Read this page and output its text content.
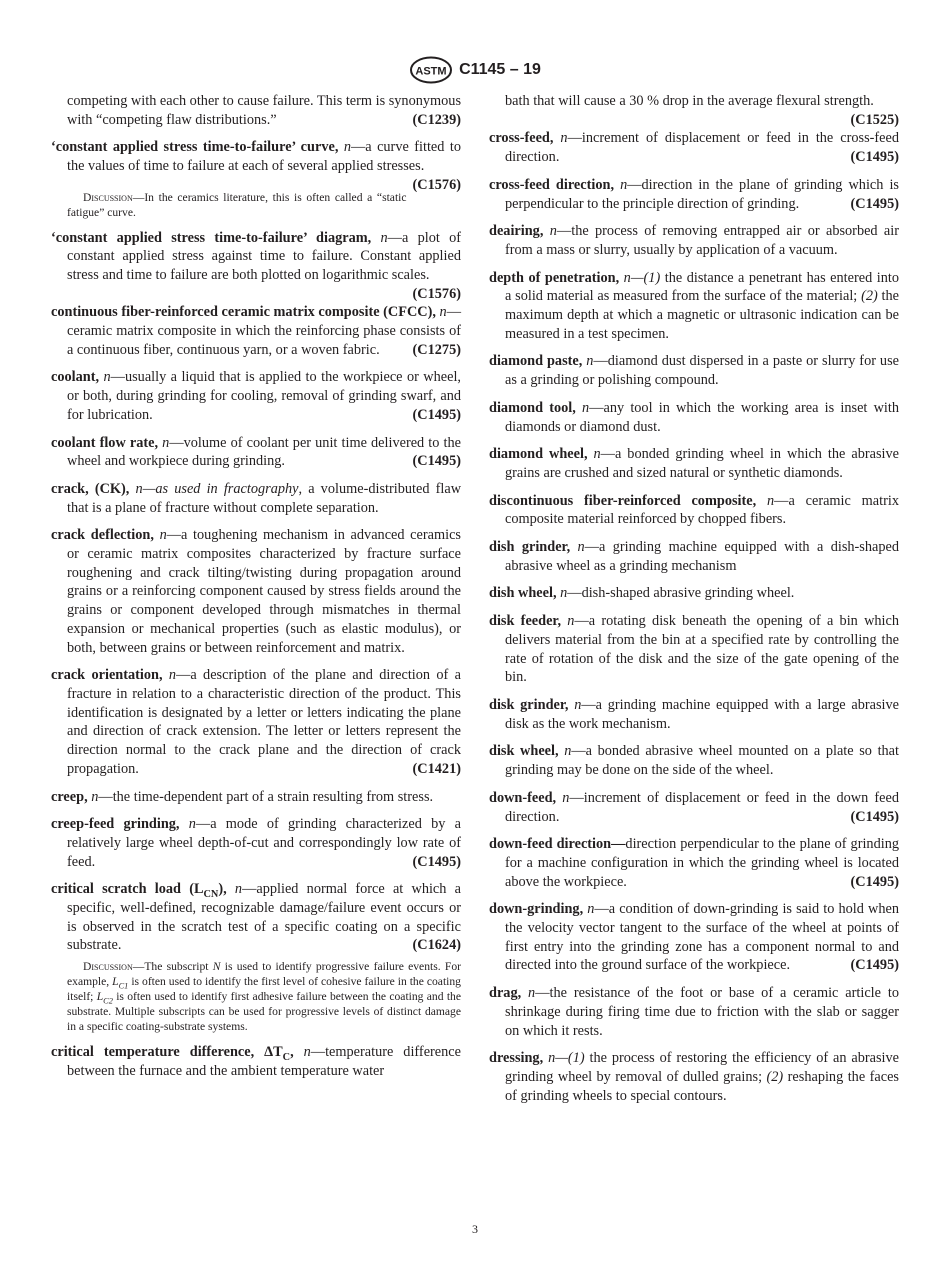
ASTM C1145 – 19

competing with each other to cause failure. This term is synonymous with “competing flaw distributions.”	(C1239)

‘constant applied stress time-to-failure’ curve, n—a curve fitted to the values of time to failure at each of several applied stresses.
(C1576)

Discussion—In the ceramics literature, this is often called a “static fatigue” curve.

‘constant applied stress time-to-failure’ diagram, n—a plot of constant applied stress against time to failure. Constant applied stress and time to failure are both plotted on logarithmic scales.
(C1576)

continuous fiber-reinforced ceramic matrix composite (CFCC), n—ceramic matrix composite in which the reinforcing phase consists of a continuous fiber, continuous yarn, or a woven fabric.	(C1275)

coolant, n—usually a liquid that is applied to the workpiece or wheel, or both, during grinding for cooling, removal of grinding swarf, and for lubrication.	(C1495)

coolant flow rate, n—volume of coolant per unit time delivered to the wheel and workpiece during grinding.	(C1495)

crack, (CK), n—as used in fractography, a volume-distributed flaw that is a plane of fracture without complete separation.

crack deflection, n—a toughening mechanism in advanced ceramics or ceramic matrix composites characterized by fracture surface roughening and crack tilting/twisting during propagation around grains or a reinforcing component caused by stress fields around the grains or component developed through mismatches in thermal expansion or mechanical properties (such as elastic modulus), or both, between grains or between reinforcement and matrix.

crack orientation, n—a description of the plane and direction of a fracture in relation to a characteristic direction of the product. This identification is designated by a letter or letters indicating the plane and direction of crack extension. The letter or letters represent the direction normal to the crack plane and the direction of crack propagation.	(C1421)

creep, n—the time-dependent part of a strain resulting from stress.

creep-feed grinding, n—a mode of grinding characterized by a relatively large wheel depth-of-cut and correspondingly low rate of feed.	(C1495)

critical scratch load $(L_{CN})$, n—applied normal force at which a specific, well-defined, recognizable damage/failure event occurs or is observed in the scratch test of a specific coating on a specific substrate.	(C1624)

Discussion—The subscript N is used to identify progressive failure events. For example, $L_{C1}$ is often used to identify the first level of cohesive failure in the coating itself; $L_{C2}$ is often used to identify first adhesive failure between the coating and the substrate. Multiple subscripts can be used for progressive levels of distinct damage in a specific coating-substrate systems.

critical temperature difference, $\Delta T_C$, n—temperature difference between the furnace and the ambient temperature water

bath that will cause a 30 % drop in the average flexural strength.
(C1525)

cross-feed, n—increment of displacement or feed in the cross-feed direction.	(C1495)

cross-feed direction, n—direction in the plane of grinding which is perpendicular to the principle direction of grinding.	(C1495)

deairing, n—the process of removing entrapped air or absorbed air from a mass or slurry, usually by application of a vacuum.

depth of penetration, n—(1) the distance a penetrant has entered into a solid material as measured from the surface of the material; (2) the maximum depth at which a magnetic or ultrasonic indication can be measured in a test specimen.

diamond paste, n—diamond dust dispersed in a paste or slurry for use as a grinding or polishing compound.

diamond tool, n—any tool in which the working area is inset with diamonds or diamond dust.

diamond wheel, n—a bonded grinding wheel in which the abrasive grains are crushed and sized natural or synthetic diamonds.

discontinuous fiber-reinforced composite, n—a ceramic matrix composite material reinforced by chopped fibers.

dish grinder, n—a grinding machine equipped with a dish-shaped abrasive wheel as a grinding mechanism

dish wheel, n—dish-shaped abrasive grinding wheel.

disk feeder, n—a rotating disk beneath the opening of a bin which delivers material from the bin at a specified rate by controlling the rate of rotation of the disk and the size of the gate opening of the bin.

disk grinder, n—a grinding machine equipped with a large abrasive disk as the work mechanism.

disk wheel, n—a bonded abrasive wheel mounted on a plate so that grinding may be done on the side of the wheel.

down-feed, n—increment of displacement or feed in the down feed direction.	(C1495)

down-feed direction—direction perpendicular to the plane of grinding for a machine configuration in which the grinding wheel is located above the workpiece.	(C1495)

down-grinding, n—a condition of down-grinding is said to hold when the velocity vector tangent to the surface of the wheel at points of first entry into the grinding zone has a component normal to and directed into the ground surface of the workpiece.	(C1495)

drag, n—the resistance of the foot or base of a ceramic article to shrinkage during firing time due to friction with the slab or sagger on which it rests.

dressing, n—(1) the process of restoring the efficiency of an abrasive grinding wheel by removal of dulled grains; (2) reshaping the faces of grinding wheels to special contours.

3
